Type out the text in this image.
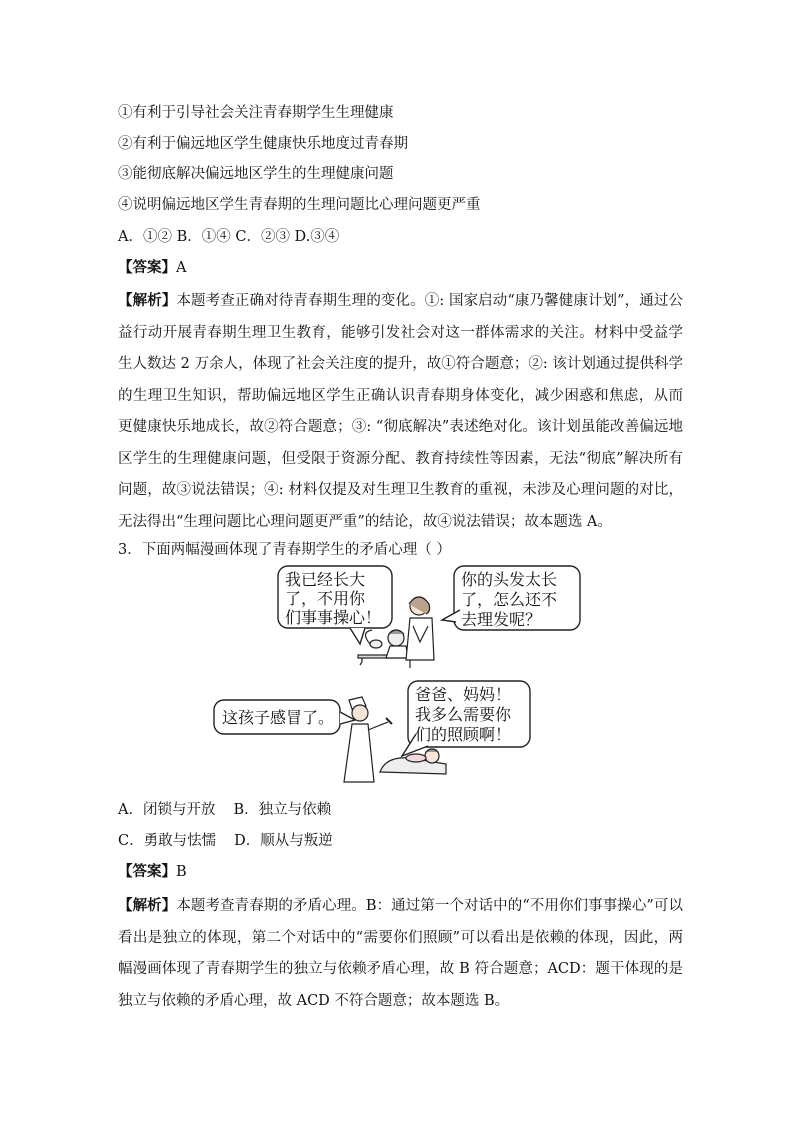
①有利于引导社会关注青春期学生生理健康
②有利于偏远地区学生健康快乐地度过青春期
③能彻底解决偏远地区学生的生理健康问题
④说明偏远地区学生青春期的生理问题比心理问题更严重
A．①② B．①④ C．②③ D.③④
【答案】A
【解析】本题考查正确对待青春期生理的变化。①: 国家启动“康乃馨健康计划”，通过公益行动开展青春期生理卫生教育，能够引发社会对这一群体需求的关注。材料中受益学生人数达 2 万余人，体现了社会关注度的提升，故①符合题意；②: 该计划通过提供科学的生理卫生知识，帮助偏远地区学生正确认识青春期身体变化，减少困惑和焦虑，从而更健康快乐地成长，故②符合题意；③: “彻底解决”表述绝对化。该计划虽能改善偏远地区学生的生理健康问题，但受限于资源分配、教育持续性等因素，无法“彻底”解决所有问题，故③说法错误；④: 材料仅提及对生理卫生教育的重视，未涉及心理问题的对比，无法得出“生理问题比心理问题更严重”的结论，故④说法错误；故本题选 A。
3．下面两幅漫画体现了青春期学生的矛盾心理（ ）
我已经长大
了，不用你
们事事操心！
你的头发太长
了，怎么还不
去理发呢？
爸爸、妈妈！
我多么需要你
们的照顾啊！
这孩子感冒了。
A．闭锁与开放 B．独立与依赖
C．勇敢与怯懦 D．顺从与叛逆
【答案】B
【解析】本题考查青春期的矛盾心理。B：通过第一个对话中的“不用你们事事操心”可以看出是独立的体现，第二个对话中的“需要你们照顾”可以看出是依赖的体现，因此，两幅漫画体现了青春期学生的独立与依赖矛盾心理，故 B 符合题意；ACD：题干体现的是独立与依赖的矛盾心理，故 ACD 不符合题意；故本题选 B。
